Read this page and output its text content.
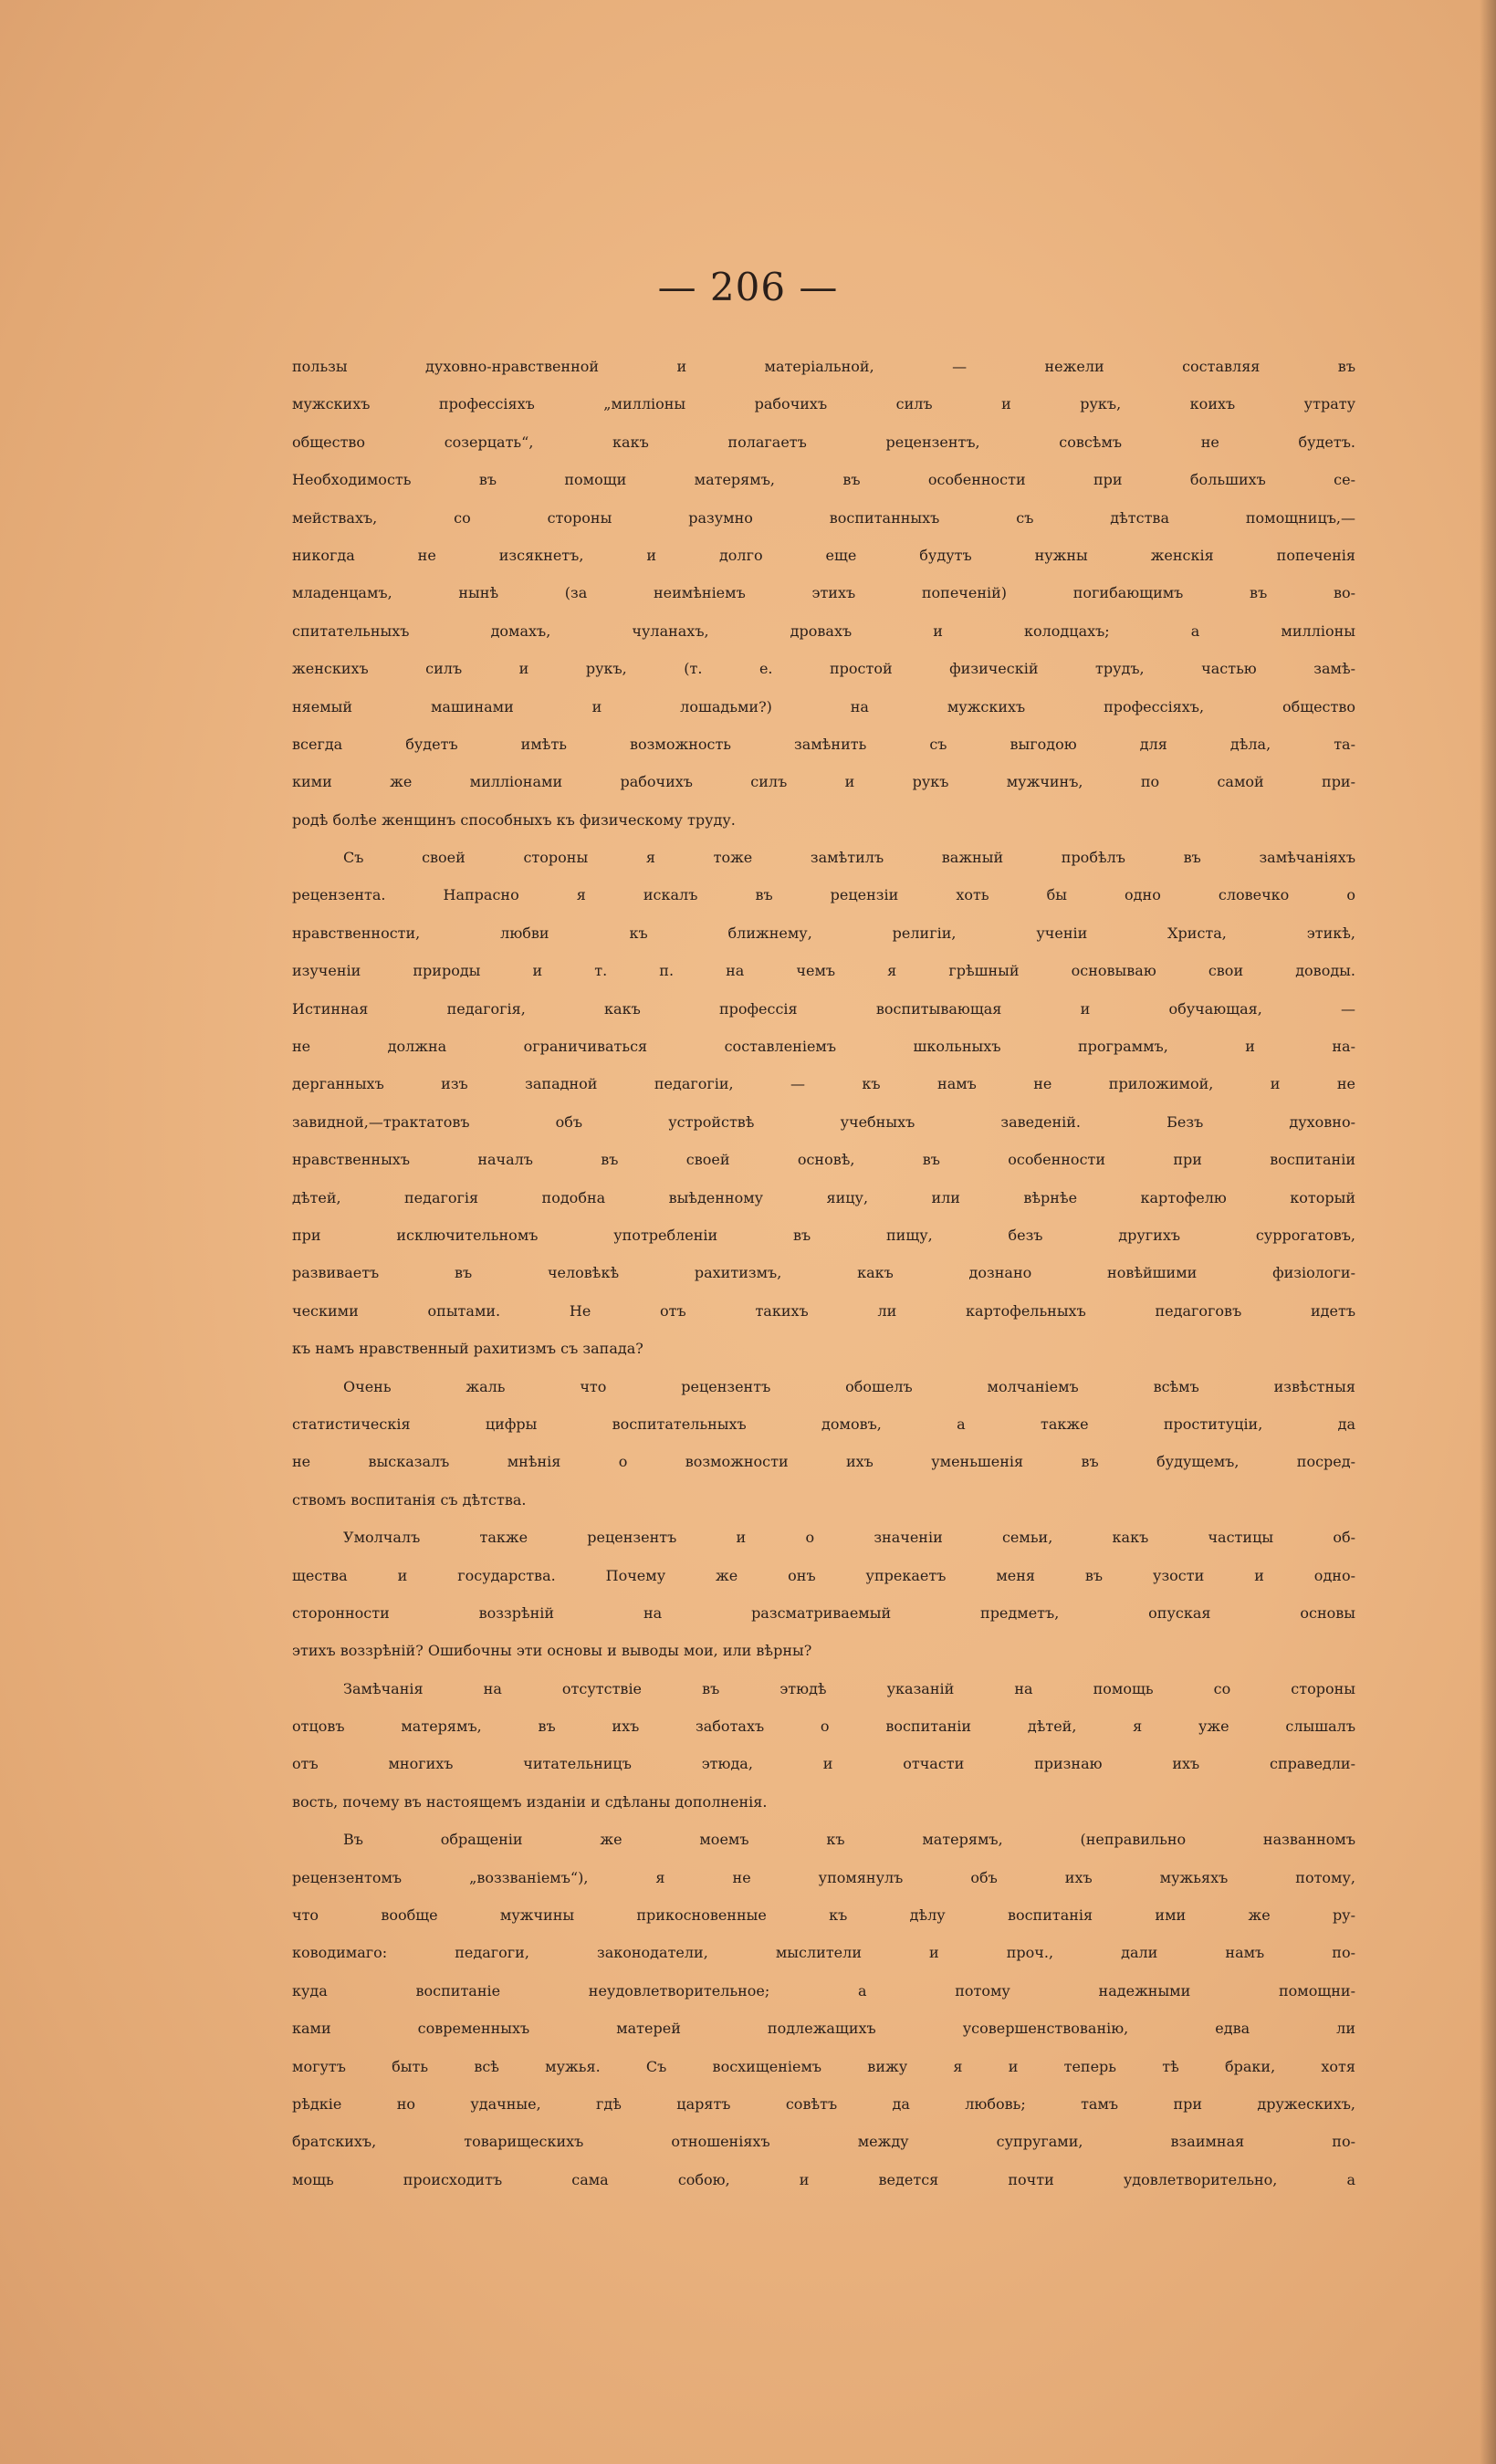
— 206 —
пользы духовно-нравственной и матеріальной, — нежели составляя въ
мужскихъ профессіяхъ „милліоны рабочихъ силъ и рукъ, коихъ утрату
общество созерцать“, какъ полагаетъ рецензентъ, совсѣмъ не будетъ.
Необходимость въ помощи матерямъ, въ особенности при большихъ се-
мействахъ, со стороны разумно воспитанныхъ съ дѣтства помощницъ,—
никогда не изсякнетъ, и долго еще будутъ нужны женскія попеченія
младенцамъ, нынѣ (за неимѣніемъ этихъ попеченій) погибающимъ въ во-
спитательныхъ домахъ, чуланахъ, дровахъ и колодцахъ; а милліоны
женскихъ силъ и рукъ, (т. е. простой физическій трудъ, частью замѣ-
няемый машинами и лошадьми?) на мужскихъ профессіяхъ, общество
всегда будетъ имѣть возможность замѣнить съ выгодою для дѣла, та-
кими же милліонами рабочихъ силъ и рукъ мужчинъ, по самой при-
родѣ болѣе женщинъ способныхъ къ физическому труду.
Съ своей стороны я тоже замѣтилъ важный пробѣлъ въ замѣчаніяхъ
рецензента. Напрасно я искалъ въ рецензіи хоть бы одно словечко о
нравственности, любви къ ближнему, религіи, ученіи Христа, этикѣ,
изученіи природы и т. п. на чемъ я грѣшный основываю свои доводы.
Истинная педагогія, какъ профессія воспитывающая и обучающая, —
не должна ограничиваться составленіемъ школьныхъ программъ, и на-
дерганныхъ изъ западной педагогіи, — къ намъ не приложимой, и не
завидной,—трактатовъ объ устройствѣ учебныхъ заведеній. Безъ духовно-
нравственныхъ началъ въ своей основѣ, въ особенности при воспитаніи
дѣтей, педагогія подобна выѣденному яицу, или вѣрнѣе картофелю который
при исключительномъ употребленіи въ пищу, безъ другихъ суррогатовъ,
развиваетъ въ человѣкѣ рахитизмъ, какъ дознано новѣйшими физіологи-
ческими опытами. Не отъ такихъ ли картофельныхъ педагоговъ идетъ
къ намъ нравственный рахитизмъ съ запада?
Очень жаль что рецензентъ обошелъ молчаніемъ всѣмъ извѣстныя
статистическія цифры воспитательныхъ домовъ, а также проституціи, да
не высказалъ мнѣнія о возможности ихъ уменьшенія въ будущемъ, посред-
ствомъ воспитанія съ дѣтства.
Умолчалъ также рецензентъ и о значеніи семьи, какъ частицы об-
щества и государства. Почему же онъ упрекаетъ меня въ узости и одно-
сторонности воззрѣній на разсматриваемый предметъ, опуская основы
этихъ воззрѣній? Ошибочны эти основы и выводы мои, или вѣрны?
Замѣчанія на отсутствіе въ этюдѣ указаній на помощь со стороны
отцовъ матерямъ, въ ихъ заботахъ о воспитаніи дѣтей, я уже слышалъ
отъ многихъ читательницъ этюда, и отчасти признаю ихъ справедли-
вость, почему въ настоящемъ изданіи и сдѣланы дополненія.
Въ обращеніи же моемъ къ матерямъ, (неправильно названномъ
рецензентомъ „воззваніемъ“), я не упомянулъ объ ихъ мужьяхъ потому,
что вообще мужчины прикосновенные къ дѣлу воспитанія ими же ру-
ководимаго: педагоги, законодатели, мыслители и проч., дали намъ по-
куда воспитаніе неудовлетворительное; а потому надежными помощни-
ками современныхъ матерей подлежащихъ усовершенствованію, едва ли
могутъ быть всѣ мужья. Съ восхищеніемъ вижу я и теперь тѣ браки, хотя
рѣдкіе но удачные, гдѣ царятъ совѣтъ да любовь; тамъ при дружескихъ,
братскихъ, товарищескихъ отношеніяхъ между супругами, взаимная по-
мощь происходитъ сама собою, и ведется почти удовлетворительно, а
